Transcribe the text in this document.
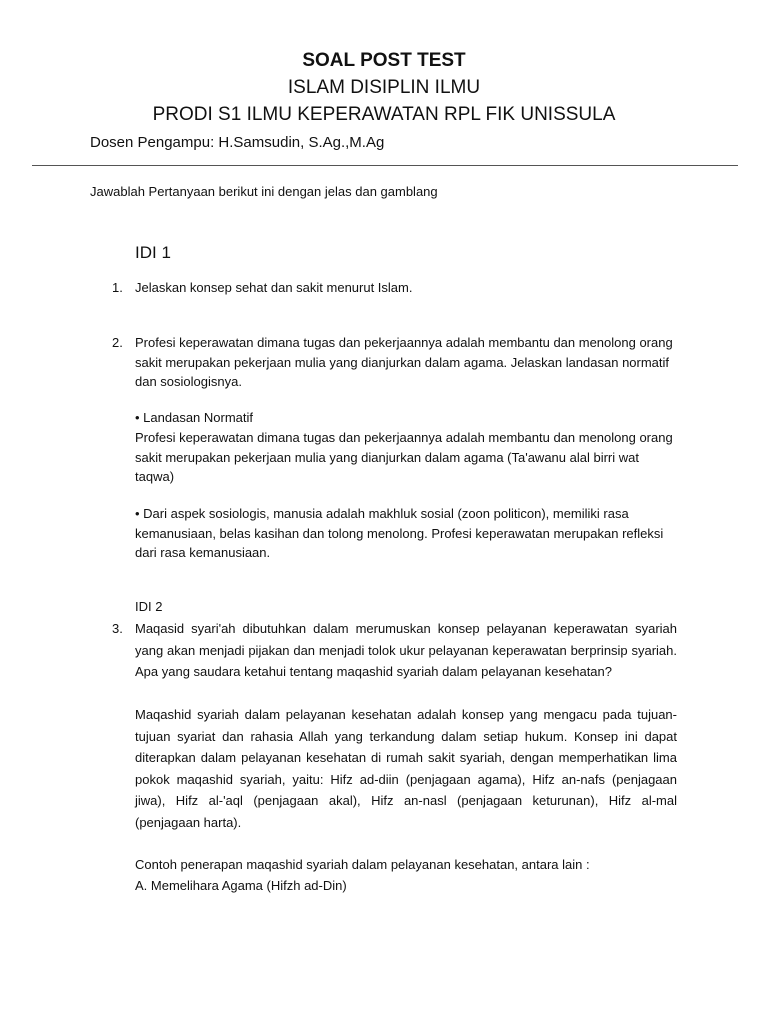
SOAL POST TEST
ISLAM DISIPLIN ILMU
PRODI S1 ILMU KEPERAWATAN RPL FIK UNISSULA
Dosen Pengampu: H.Samsudin, S.Ag.,M.Ag
Jawablah Pertanyaan berikut ini dengan jelas dan gamblang
IDI 1
1. Jelaskan konsep sehat dan sakit menurut Islam.
2. Profesi keperawatan dimana tugas dan pekerjaannya adalah membantu dan menolong orang sakit merupakan pekerjaan mulia yang dianjurkan dalam agama. Jelaskan landasan normatif dan sosiologisnya.
• Landasan Normatif
Profesi keperawatan dimana tugas dan pekerjaannya adalah membantu dan menolong orang sakit merupakan pekerjaan mulia yang dianjurkan dalam agama (Ta'awanu alal birri wat taqwa)
• Dari aspek sosiologis, manusia adalah makhluk sosial (zoon politicon), memiliki rasa kemanusiaan, belas kasihan dan tolong menolong. Profesi keperawatan merupakan refleksi dari rasa kemanusiaan.
IDI 2
3. Maqasid syari'ah dibutuhkan dalam merumuskan konsep pelayanan keperawatan syariah yang akan menjadi pijakan dan menjadi tolok ukur pelayanan keperawatan berprinsip syariah. Apa yang saudara ketahui tentang maqashid syariah dalam pelayanan kesehatan?
Maqashid syariah dalam pelayanan kesehatan adalah konsep yang mengacu pada tujuan-tujuan syariat dan rahasia Allah yang terkandung dalam setiap hukum. Konsep ini dapat diterapkan dalam pelayanan kesehatan di rumah sakit syariah, dengan memperhatikan lima pokok maqashid syariah, yaitu: Hifz ad-diin (penjagaan agama), Hifz an-nafs (penjagaan jiwa), Hifz al-'aql (penjagaan akal), Hifz an-nasl (penjagaan keturunan), Hifz al-mal (penjagaan harta).
Contoh penerapan maqashid syariah dalam pelayanan kesehatan, antara lain :
A. Memelihara Agama (Hifzh ad-Din)
